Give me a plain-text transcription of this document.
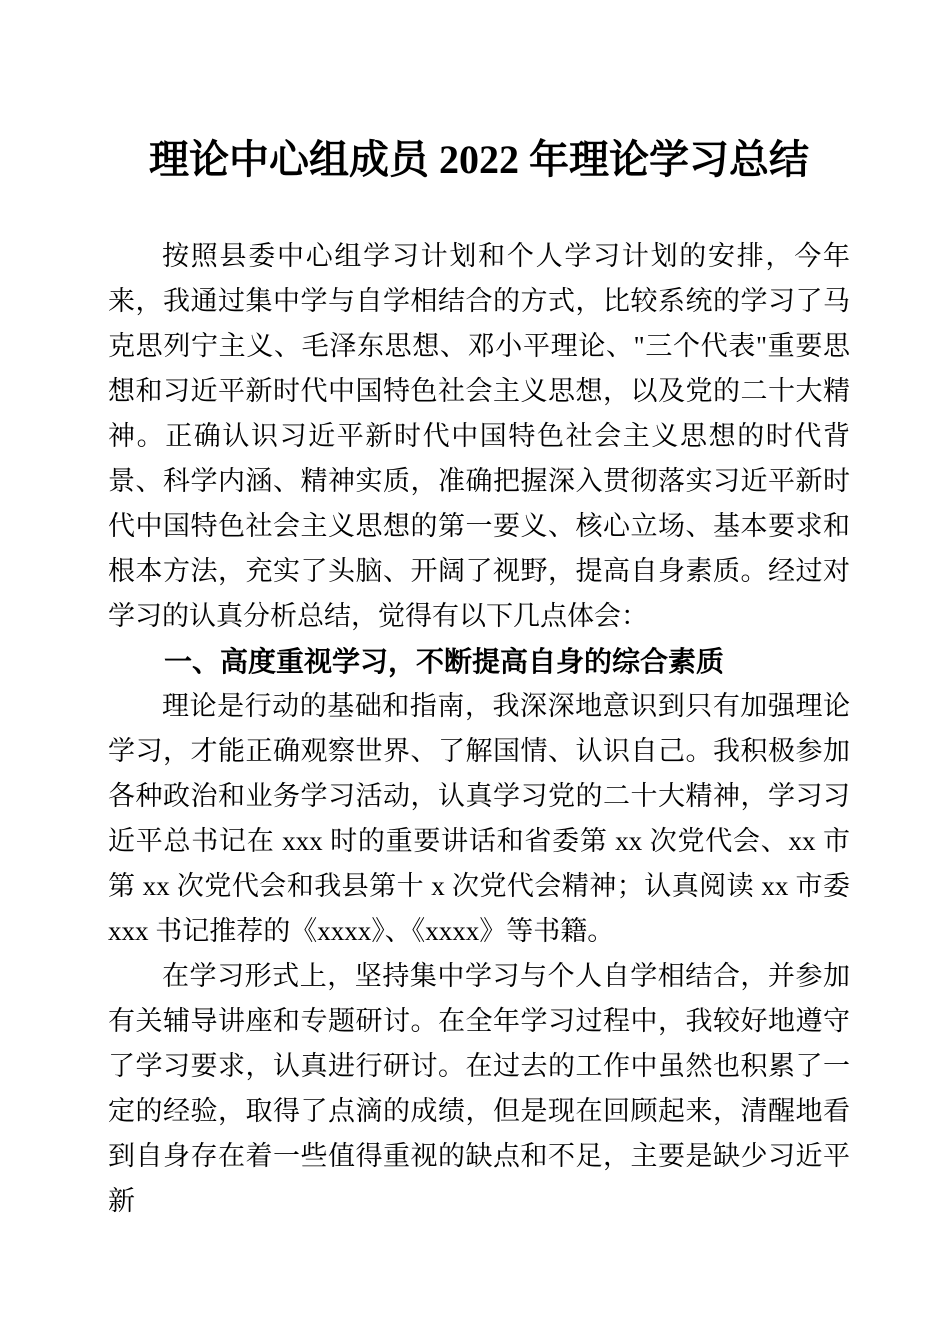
理论中心组成员 2022 年理论学习总结

按照县委中心组学习计划和个人学习计划的安排，今年来，我通过集中学与自学相结合的方式，比较系统的学习了马克思列宁主义、毛泽东思想、邓小平理论、"三个代表"重要思想和习近平新时代中国特色社会主义思想，以及党的二十大精神。正确认识习近平新时代中国特色社会主义思想的时代背景、科学内涵、精神实质，准确把握深入贯彻落实习近平新时代中国特色社会主义思想的第一要义、核心立场、基本要求和根本方法，充实了头脑、开阔了视野，提高自身素质。经过对学习的认真分析总结，觉得有以下几点体会：

一、高度重视学习，不断提高自身的综合素质

理论是行动的基础和指南，我深深地意识到只有加强理论学习，才能正确观察世界、了解国情、认识自己。我积极参加各种政治和业务学习活动，认真学习党的二十大精神，学习习近平总书记在 xxx 时的重要讲话和省委第 xx 次党代会、xx 市第 xx 次党代会和我县第十 x 次党代会精神；认真阅读 xx 市委 xxx 书记推荐的《xxxx》、《xxxx》等书籍。

在学习形式上，坚持集中学习与个人自学相结合，并参加有关辅导讲座和专题研讨。在全年学习过程中，我较好地遵守了学习要求，认真进行研讨。在过去的工作中虽然也积累了一定的经验，取得了点滴的成绩，但是现在回顾起来，清醒地看到自身存在着一些值得重视的缺点和不足，主要是缺少习近平新
